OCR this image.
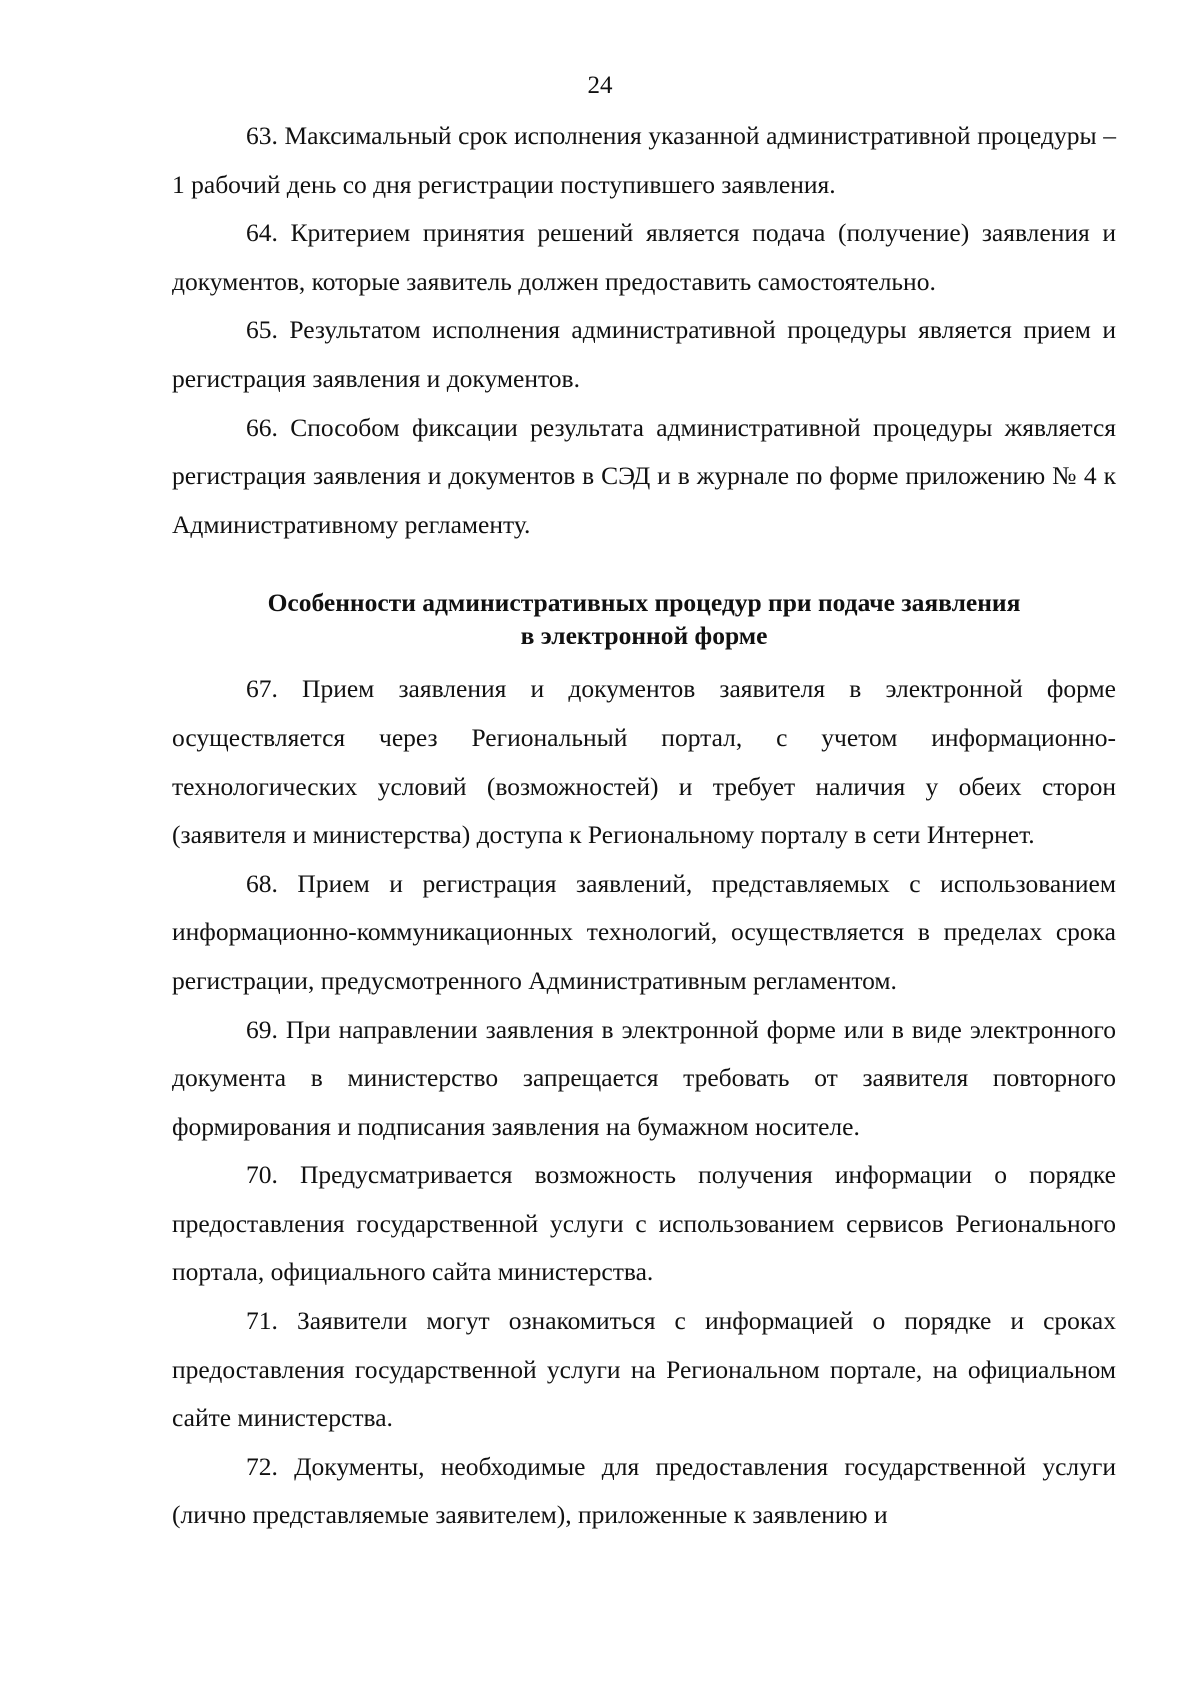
24

63. Максимальный срок исполнения указанной административной процедуры – 1 рабочий день со дня регистрации поступившего заявления.

64. Критерием принятия решений является подача (получение) заявления и документов, которые заявитель должен предоставить самостоятельно.

65. Результатом исполнения административной процедуры является прием и регистрация заявления и документов.

66. Способом фиксации результата административной процедуры жявляется регистрация заявления и документов в СЭД и в журнале по форме приложению № 4 к Административному регламенту.

Особенности административных процедур при подаче заявления
в электронной форме

67. Прием заявления и документов заявителя в электронной форме осуществляется через Региональный портал, с учетом информационно-технологических условий (возможностей) и требует наличия у обеих сторон (заявителя и министерства) доступа к Региональному порталу в сети Интернет.

68. Прием и регистрация заявлений, представляемых с использованием информационно-коммуникационных технологий, осуществляется в пределах срока регистрации, предусмотренного Административным регламентом.

69. При направлении заявления в электронной форме или в виде электронного документа в министерство запрещается требовать от заявителя повторного формирования и подписания заявления на бумажном носителе.

70. Предусматривается возможность получения информации о порядке предоставления государственной услуги с использованием сервисов Регионального портала, официального сайта министерства.

71. Заявители могут ознакомиться с информацией о порядке и сроках предоставления государственной услуги на Региональном портале, на официальном сайте министерства.

72. Документы, необходимые для предоставления государственной услуги (лично представляемые заявителем), приложенные к заявлению и
